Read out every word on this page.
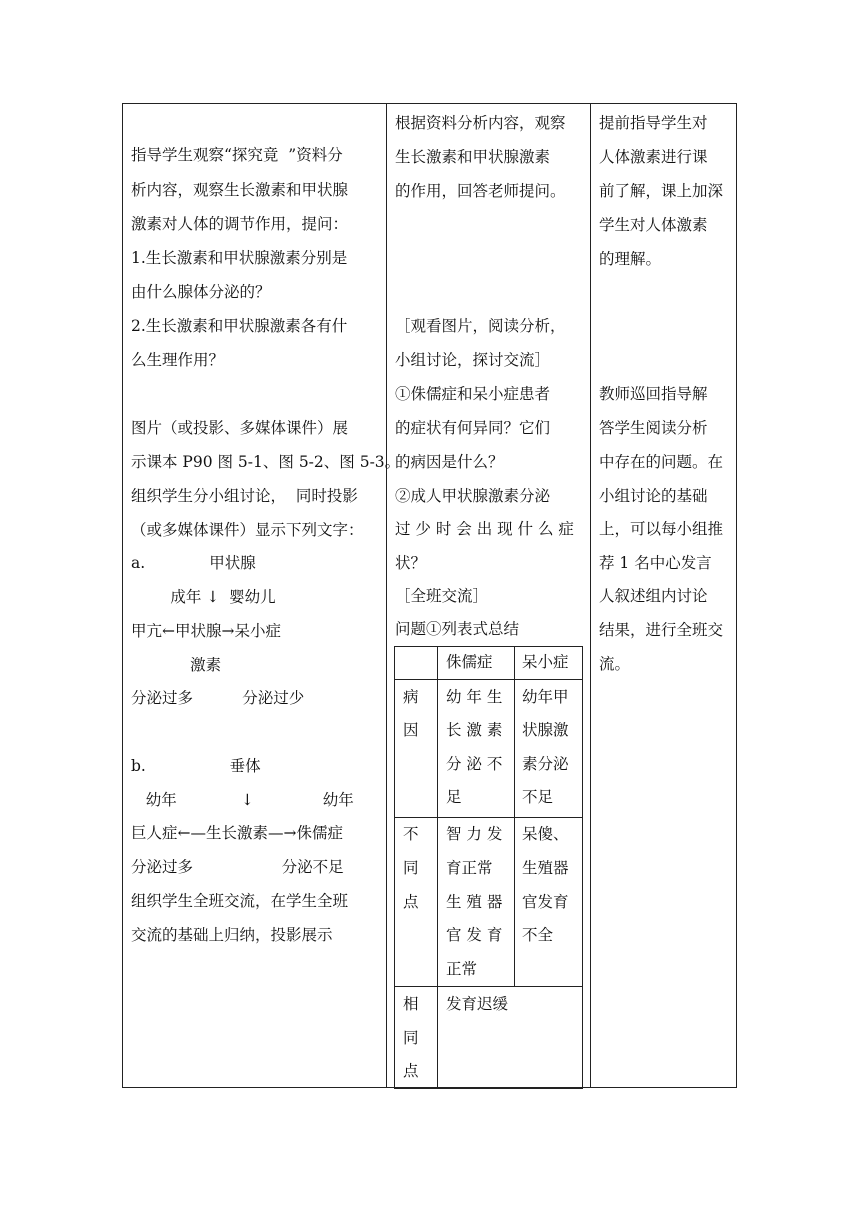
指导学生观察“探究竟  ”资料分
析内容，观察生长激素和甲状腺
激素对人体的调节作用，提问：
1.生长激素和甲状腺激素分别是
由什么腺体分泌的？
2.生长激素和甲状腺激素各有什
么生理作用？
图片（或投影、多媒体课件）展
示课本 P90 图 5-1、图 5-2、图 5-3。
组织学生分小组讨论，  同时投影
（或多媒体课件）显示下列文字：
a.             甲状腺
成年 ↓  婴幼儿
甲亢←甲状腺→呆小症
激素
分泌过多          分泌过少
b.                 垂体
幼年             ↓              幼年
巨人症←—生长激素—→侏儒症
分泌过多                  分泌不足
组织学生全班交流，在学生全班
交流的基础上归纳，投影展示
根据资料分析内容，观察
生长激素和甲状腺激素
的作用，回答老师提问。
［观看图片，阅读分析，
小组讨论，探讨交流］
①侏儒症和呆小症患者
的症状有何异同？它们
的病因是什么？
②成人甲状腺激素分泌
过 少 时 会 出 现 什 么 症
状？
［全班交流］
问题①列表式总结
提前指导学生对
人体激素进行课
前了解，课上加深
学生对人体激素
的理解。
教师巡回指导解
答学生阅读分析
中存在的问题。在
小组讨论的基础
上，可以每小组推
荐 1 名中心发言
人叙述组内讨论
结果，进行全班交
流。
侏儒症 呆小症
病
因
幼 年 生
长 激 素
分 泌 不
足
幼年甲
状腺激
素分泌
不足
不
同
点
智 力 发
育正常
生 殖 器
官 发 育
正常
呆傻、
生殖器
官发育
不全
相
同
点
发育迟缓
